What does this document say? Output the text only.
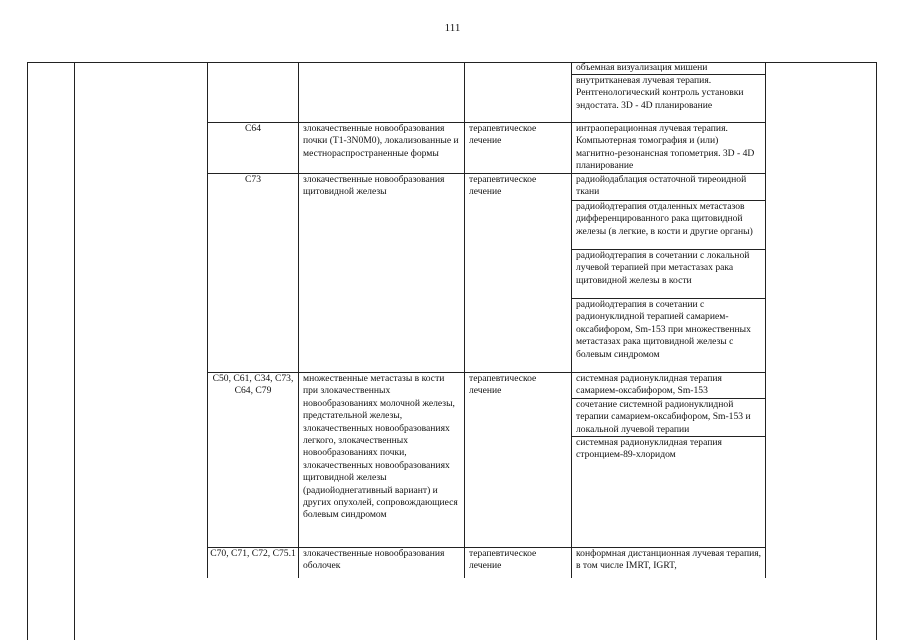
111
объемная визуализация мишени
внутритканевая лучевая терапия. Рентгенологический контроль установки эндостата. 3D - 4D планирование
C64	злокачественные новообразования почки (T1-3N0M0), локализованные и местнораспространенные формы
терапевтическое лечение
интраоперационная лучевая терапия. Компьютерная томография и (или) магнитно-резонансная топометрия. 3D - 4D планирование
C73	злокачественные новообразования щитовидной железы
терапевтическое лечение
радиойодаблация остаточной тиреоидной ткани
радиойодтерапия отдаленных метастазов дифференцированного рака щитовидной железы (в легкие, в кости и другие органы)
радиойодтерапия в сочетании с локальной лучевой терапией при метастазах рака щитовидной железы в кости
радиойодтерапия в сочетании с радионуклидной терапией самарием-оксабифором, Sm-153 при множественных метастазах рака щитовидной железы с болевым синдромом
C50, C61, C34, C73, C64, C79
множественные метастазы в кости при злокачественных новообразованиях молочной железы, предстательной железы, злокачественных новообразованиях легкого, злокачественных новообразованиях почки, злокачественных новообразованиях щитовидной железы (радиойоднегативный вариант) и других опухолей, сопровождающиеся болевым синдромом
терапевтическое лечение
системная радионуклидная терапия самарием-оксабифором, Sm-153
сочетание системной радионуклидной терапии самарием-оксабифором, Sm-153 и локальной лучевой терапии
системная радионуклидная терапия стронцием-89-хлоридом
C70, C71, C72, C75.1 злокачественные новообразования оболочек
терапевтическое лечение
конформная дистанционная лучевая терапия, в том числе IMRT, IGRT,
